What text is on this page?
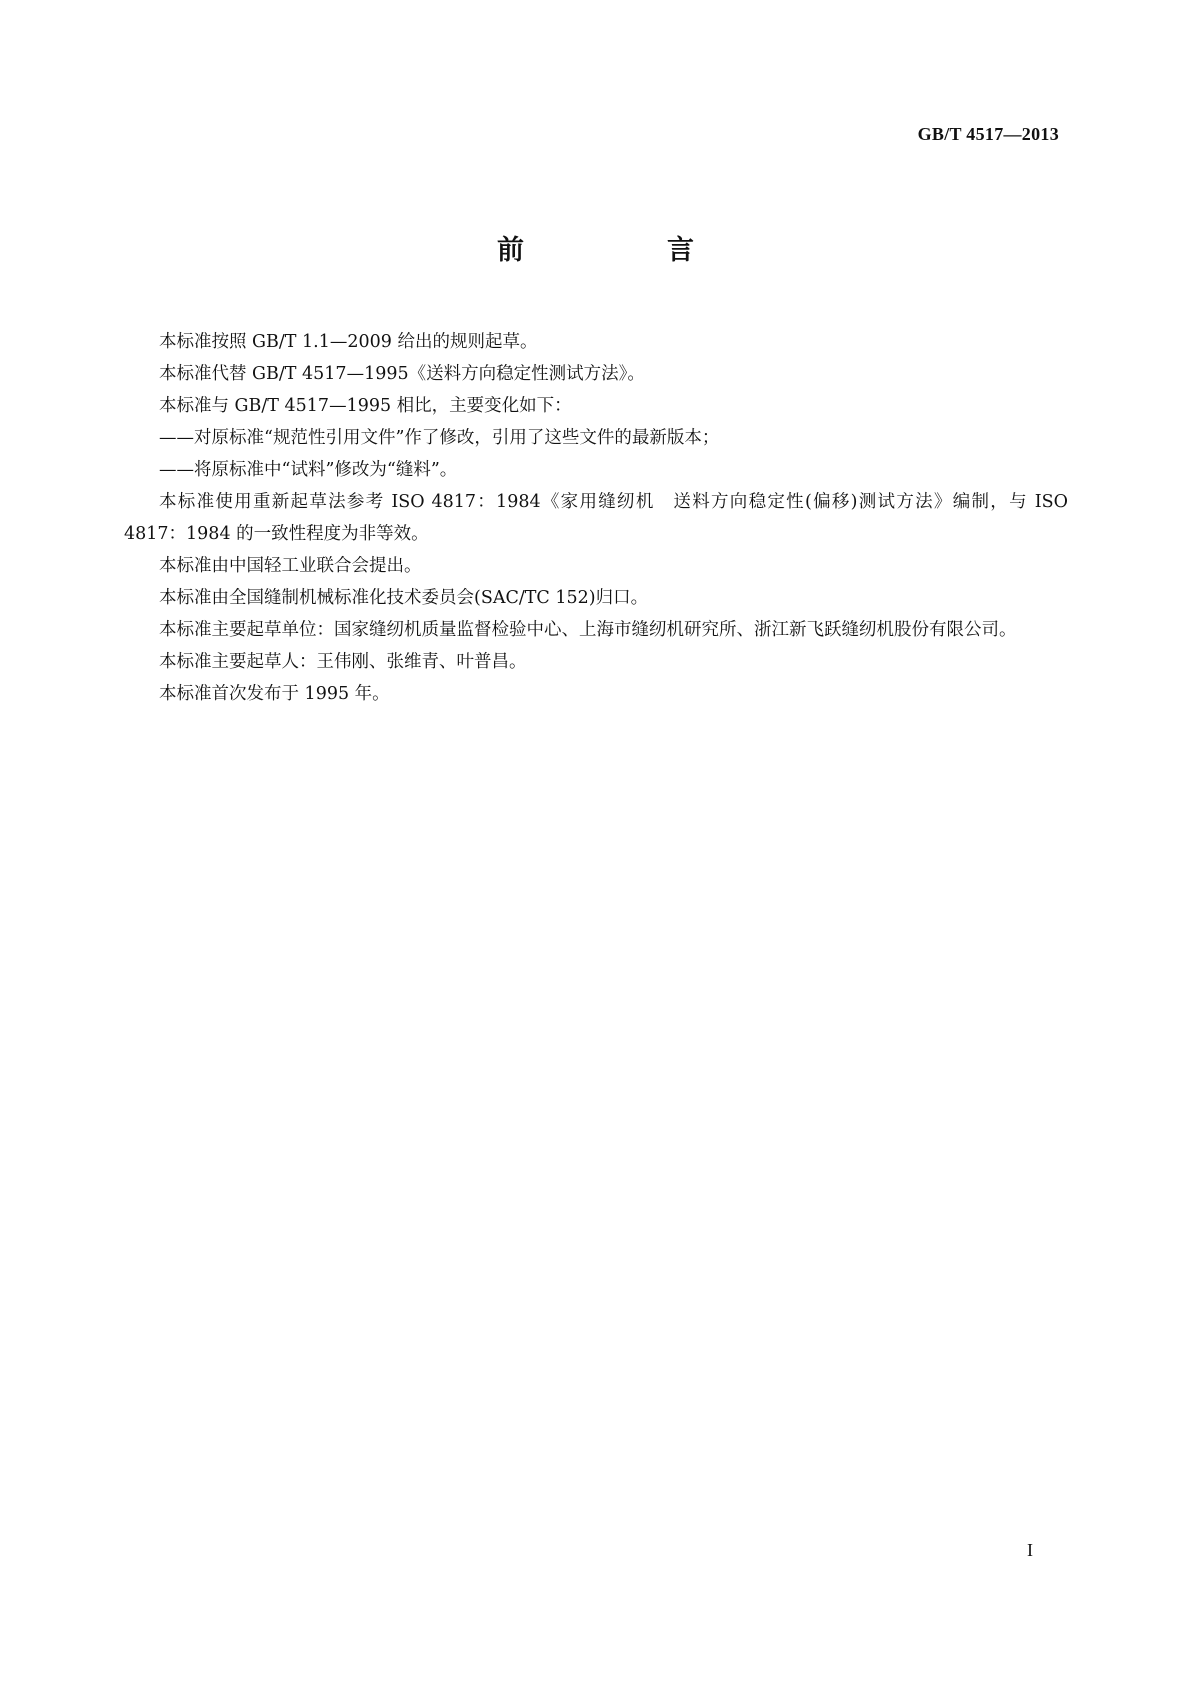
GB/T 4517—2013
前　言

本标准按照 GB/T 1.1—2009 给出的规则起草。

本标准代替 GB/T 4517—1995《送料方向稳定性测试方法》。

本标准与 GB/T 4517—1995 相比，主要变化如下：

——对原标准“规范性引用文件”作了修改，引用了这些文件的最新版本；

——将原标准中“试料”修改为“缝料”。

本标准使用重新起草法参考 ISO 4817：1984《家用缝纫机　送料方向稳定性(偏移)测试方法》编制，与 ISO 4817：1984 的一致性程度为非等效。

本标准由中国轻工业联合会提出。

本标准由全国缝制机械标准化技术委员会(SAC/TC 152)归口。

本标准主要起草单位：国家缝纫机质量监督检验中心、上海市缝纫机研究所、浙江新飞跃缝纫机股份有限公司。

本标准主要起草人：王伟刚、张维青、叶普昌。

本标准首次发布于 1995 年。

I
